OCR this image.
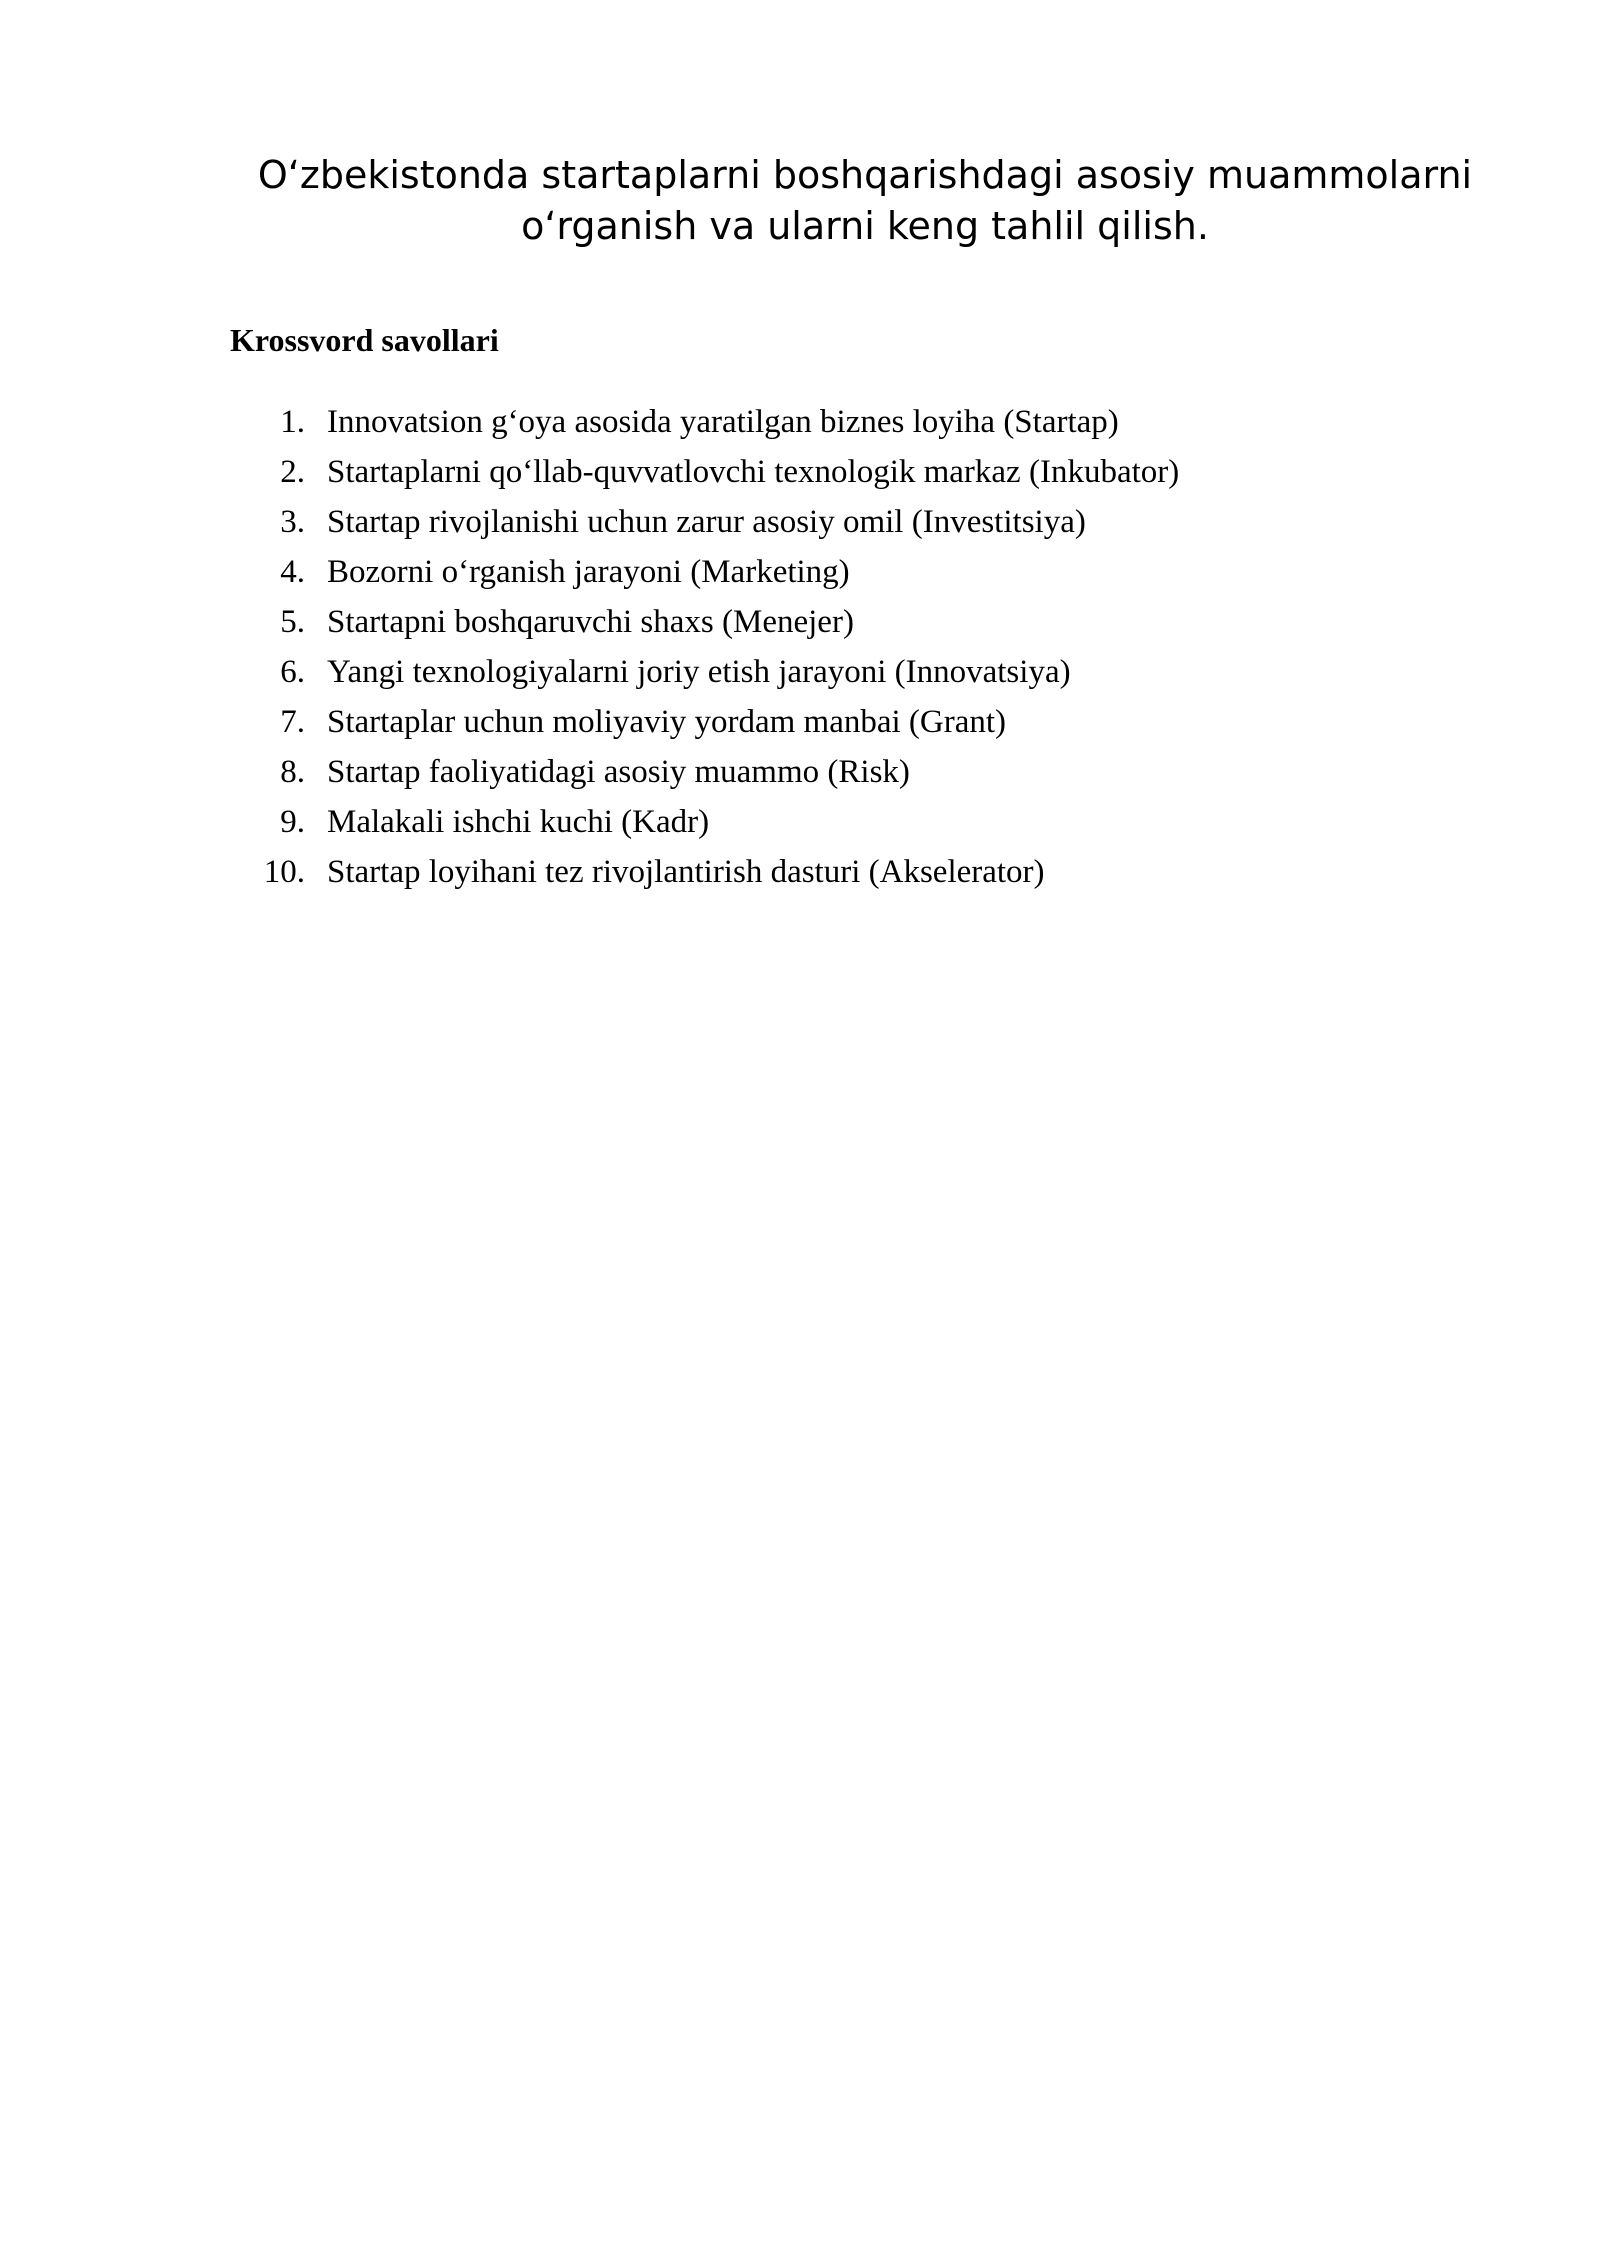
O‘zbekistonda startaplarni boshqarishdagi asosiy muammolarni o‘rganish va ularni keng tahlil qilish.
Krossvord savollari
1. Innovatsion g‘oya asosida yaratilgan biznes loyiha (Startap)
2. Startaplarni qo‘llab-quvvatlovchi texnologik markaz (Inkubator)
3. Startap rivojlanishi uchun zarur asosiy omil (Investitsiya)
4. Bozorni o‘rganish jarayoni (Marketing)
5. Startapni boshqaruvchi shaxs (Menejer)
6. Yangi texnologiyalarni joriy etish jarayoni (Innovatsiya)
7. Startaplar uchun moliyaviy yordam manbai (Grant)
8. Startap faoliyatidagi asosiy muammo (Risk)
9. Malakali ishchi kuchi (Kadr)
10. Startap loyihani tez rivojlantirish dasturi (Akselerator)
